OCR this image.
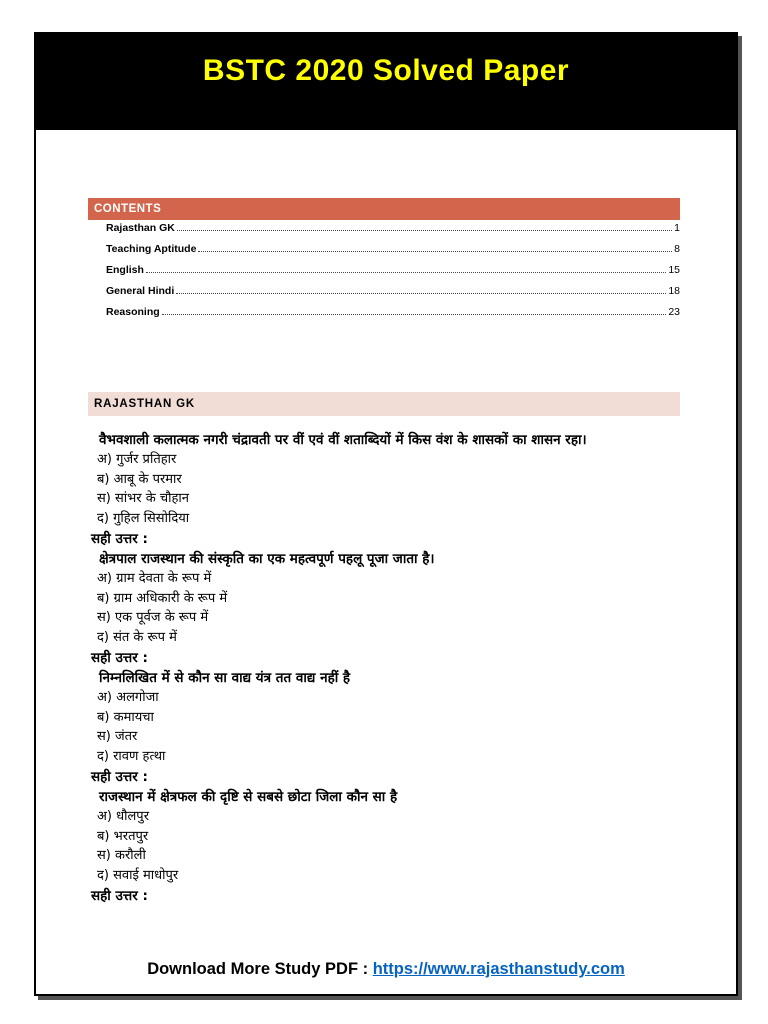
BSTC 2020 Solved Paper
CONTENTS
Rajasthan GK	1
Teaching Aptitude	8
English	15
General Hindi	18
Reasoning	23
RAJASTHAN GK
वैभवशाली कलात्मक नगरी चंद्रावती पर वीं एवं वीं शताब्दियों में किस वंश के शासकों का शासन रहा।
अ) गुर्जर प्रतिहार
ब) आबू के परमार
स) सांभर के चौहान
द) गुहिल सिसोदिया
सही उत्तर :
क्षेत्रपाल राजस्थान की संस्कृति का एक महत्वपूर्ण पहलू पूजा जाता है।
अ) ग्राम देवता के रूप में
ब) ग्राम अधिकारी के रूप में
स) एक पूर्वज के रूप में
द) संत के रूप में
सही उत्तर :
निम्नलिखित में से कौन सा वाद्य यंत्र तत वाद्य नहीं है
अ) अलगोजा
ब) कमायचा
स) जंतर
द) रावण हत्था
सही उत्तर :
राजस्थान में क्षेत्रफल की दृष्टि से सबसे छोटा जिला कौन सा है
अ) धौलपुर
ब) भरतपुर
स) करौली
द) सवाई माधोपुर
सही उत्तर :
Download More Study PDF : https://www.rajasthanstudy.com
